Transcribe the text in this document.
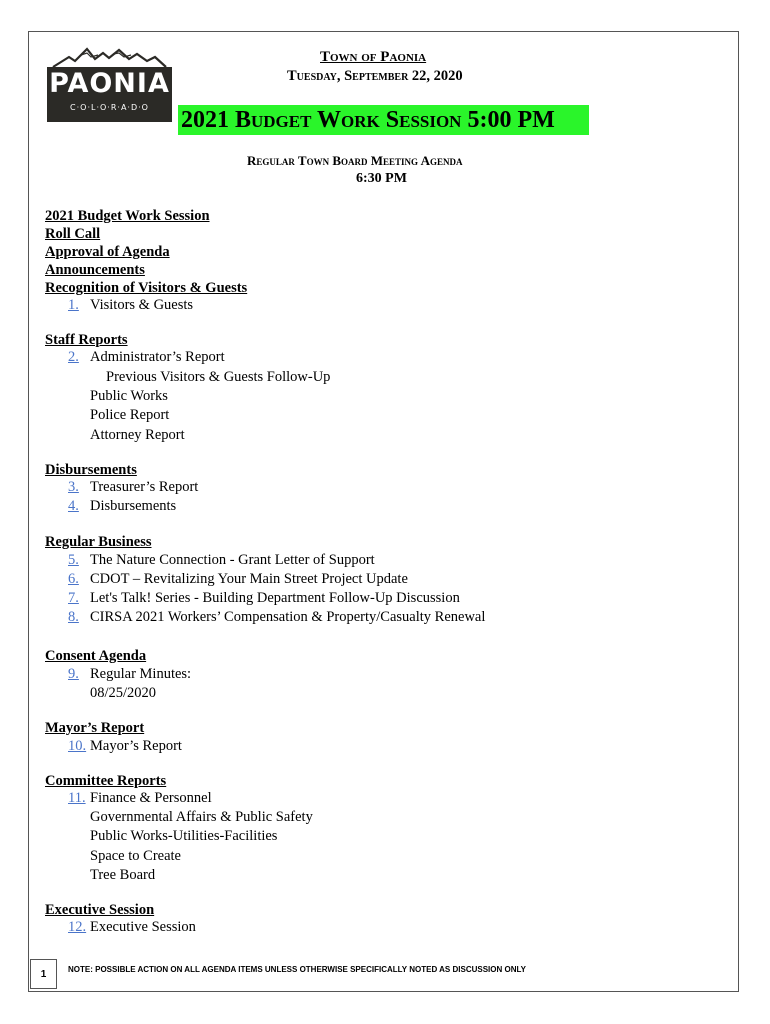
PAONIA
C·O·L·O·R·A·D·O
Town of Paonia
Tuesday, September 22, 2020
2021 Budget Work Session 5:00 PM
Regular Town Board Meeting Agenda
6:30 PM
2021 Budget Work Session
Roll Call
Approval of Agenda
Announcements
Recognition of Visitors & Guests
1. Visitors & Guests
Staff Reports
2. Administrator’s Report
Previous Visitors & Guests Follow-Up
Public Works
Police Report
Attorney Report
Disbursements
3. Treasurer’s Report
4. Disbursements
Regular Business
5. The Nature Connection - Grant Letter of Support
6. CDOT – Revitalizing Your Main Street Project Update
7. Let's Talk! Series - Building Department Follow-Up Discussion
8. CIRSA 2021 Workers’ Compensation & Property/Casualty Renewal
Consent Agenda
9. Regular Minutes:
08/25/2020
Mayor’s Report
10. Mayor’s Report
Committee Reports
11. Finance & Personnel
Governmental Affairs & Public Safety
Public Works-Utilities-Facilities
Space to Create
Tree Board
Executive Session
12. Executive Session
1	NOTE: POSSIBLE ACTION ON ALL AGENDA ITEMS UNLESS OTHERWISE SPECIFICALLY NOTED AS DISCUSSION ONLY
